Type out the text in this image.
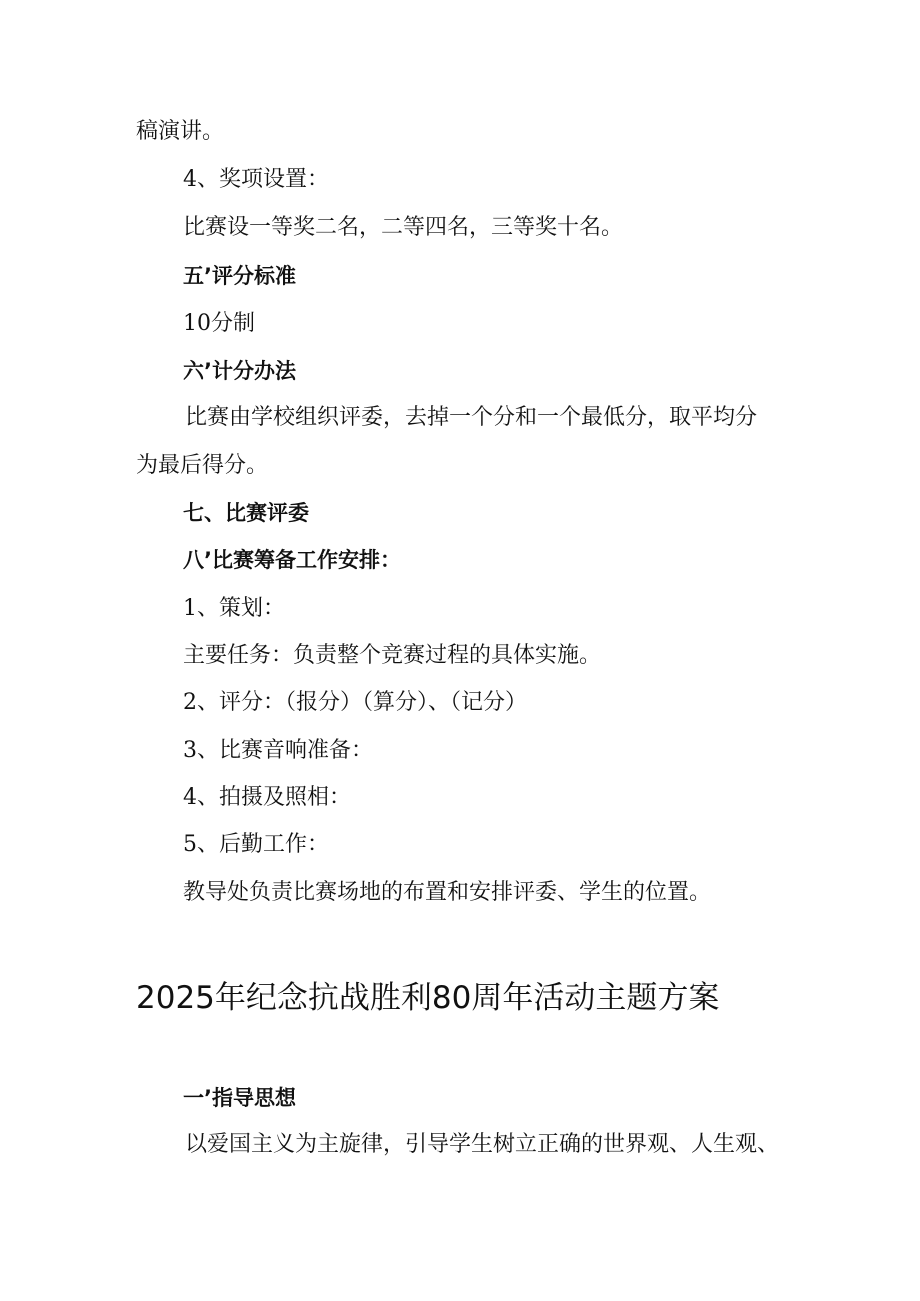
稿演讲。
4、奖项设置：
比赛设一等奖二名，二等四名，三等奖十名。
五’评分标准
10分制
六’计分办法
比赛由学校组织评委，去掉一个分和一个最低分，取平均分
为最后得分。
七、比赛评委
八’比赛筹备工作安排：
1、策划：
主要任务：负责整个竞赛过程的具体实施。
2、评分：（报分）（算分）、（记分）
3、比赛音响准备：
4、拍摄及照相：
5、后勤工作：
教导处负责比赛场地的布置和安排评委、学生的位置。
2025年纪念抗战胜利80周年活动主题方案
一’指导思想
以爱国主义为主旋律，引导学生树立正确的世界观、人生观、
